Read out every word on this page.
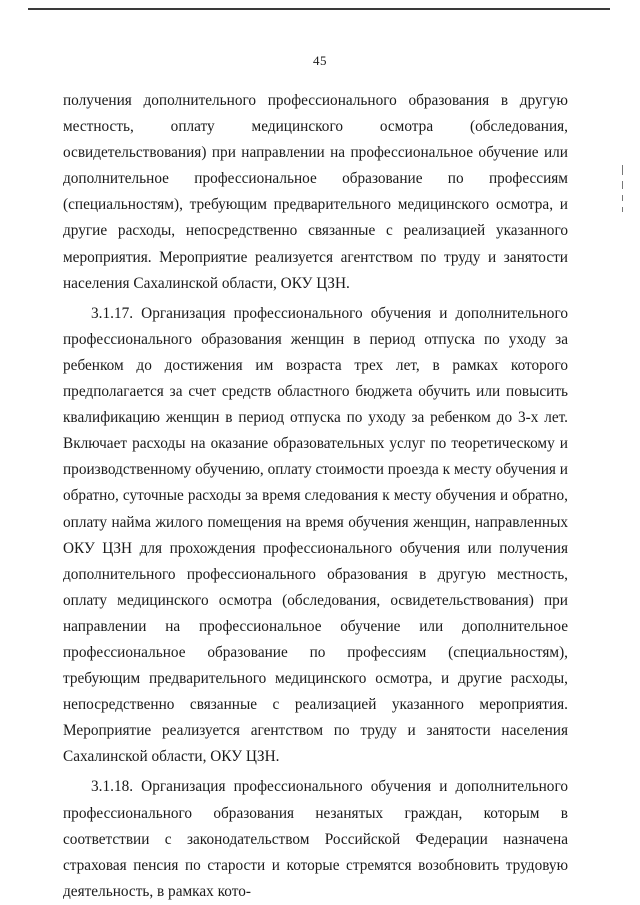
45

получения дополнительного профессионального образования в другую местность, оплату медицинского осмотра (обследования, освидетельствования) при направлении на профессиональное обучение или дополнительное профессиональное образование по профессиям (специальностям), требующим предварительного медицинского осмотра, и другие расходы, непосредственно связанные с реализацией указанного мероприятия. Мероприятие реализуется агентством по труду и занятости населения Сахалинской области, ОКУ ЦЗН.

3.1.17. Организация профессионального обучения и дополнительного профессионального образования женщин в период отпуска по уходу за ребенком до достижения им возраста трех лет, в рамках которого предполагается за счет средств областного бюджета обучить или повысить квалификацию женщин в период отпуска по уходу за ребенком до 3-х лет. Включает расходы на оказание образовательных услуг по теоретическому и производственному обучению, оплату стоимости проезда к месту обучения и обратно, суточные расходы за время следования к месту обучения и обратно, оплату найма жилого помещения на время обучения женщин, направленных ОКУ ЦЗН для прохождения профессионального обучения или получения дополнительного профессионального образования в другую местность, оплату медицинского осмотра (обследования, освидетельствования) при направлении на профессиональное обучение или дополнительное профессиональное образование по профессиям (специальностям), требующим предварительного медицинского осмотра, и другие расходы, непосредственно связанные с реализацией указанного мероприятия. Мероприятие реализуется агентством по труду и занятости населения Сахалинской области, ОКУ ЦЗН.

3.1.18. Организация профессионального обучения и дополнительного профессионального образования незанятых граждан, которым в соответствии с законодательством Российской Федерации назначена страховая пенсия по старости и которые стремятся возобновить трудовую деятельность, в рамках кото-
